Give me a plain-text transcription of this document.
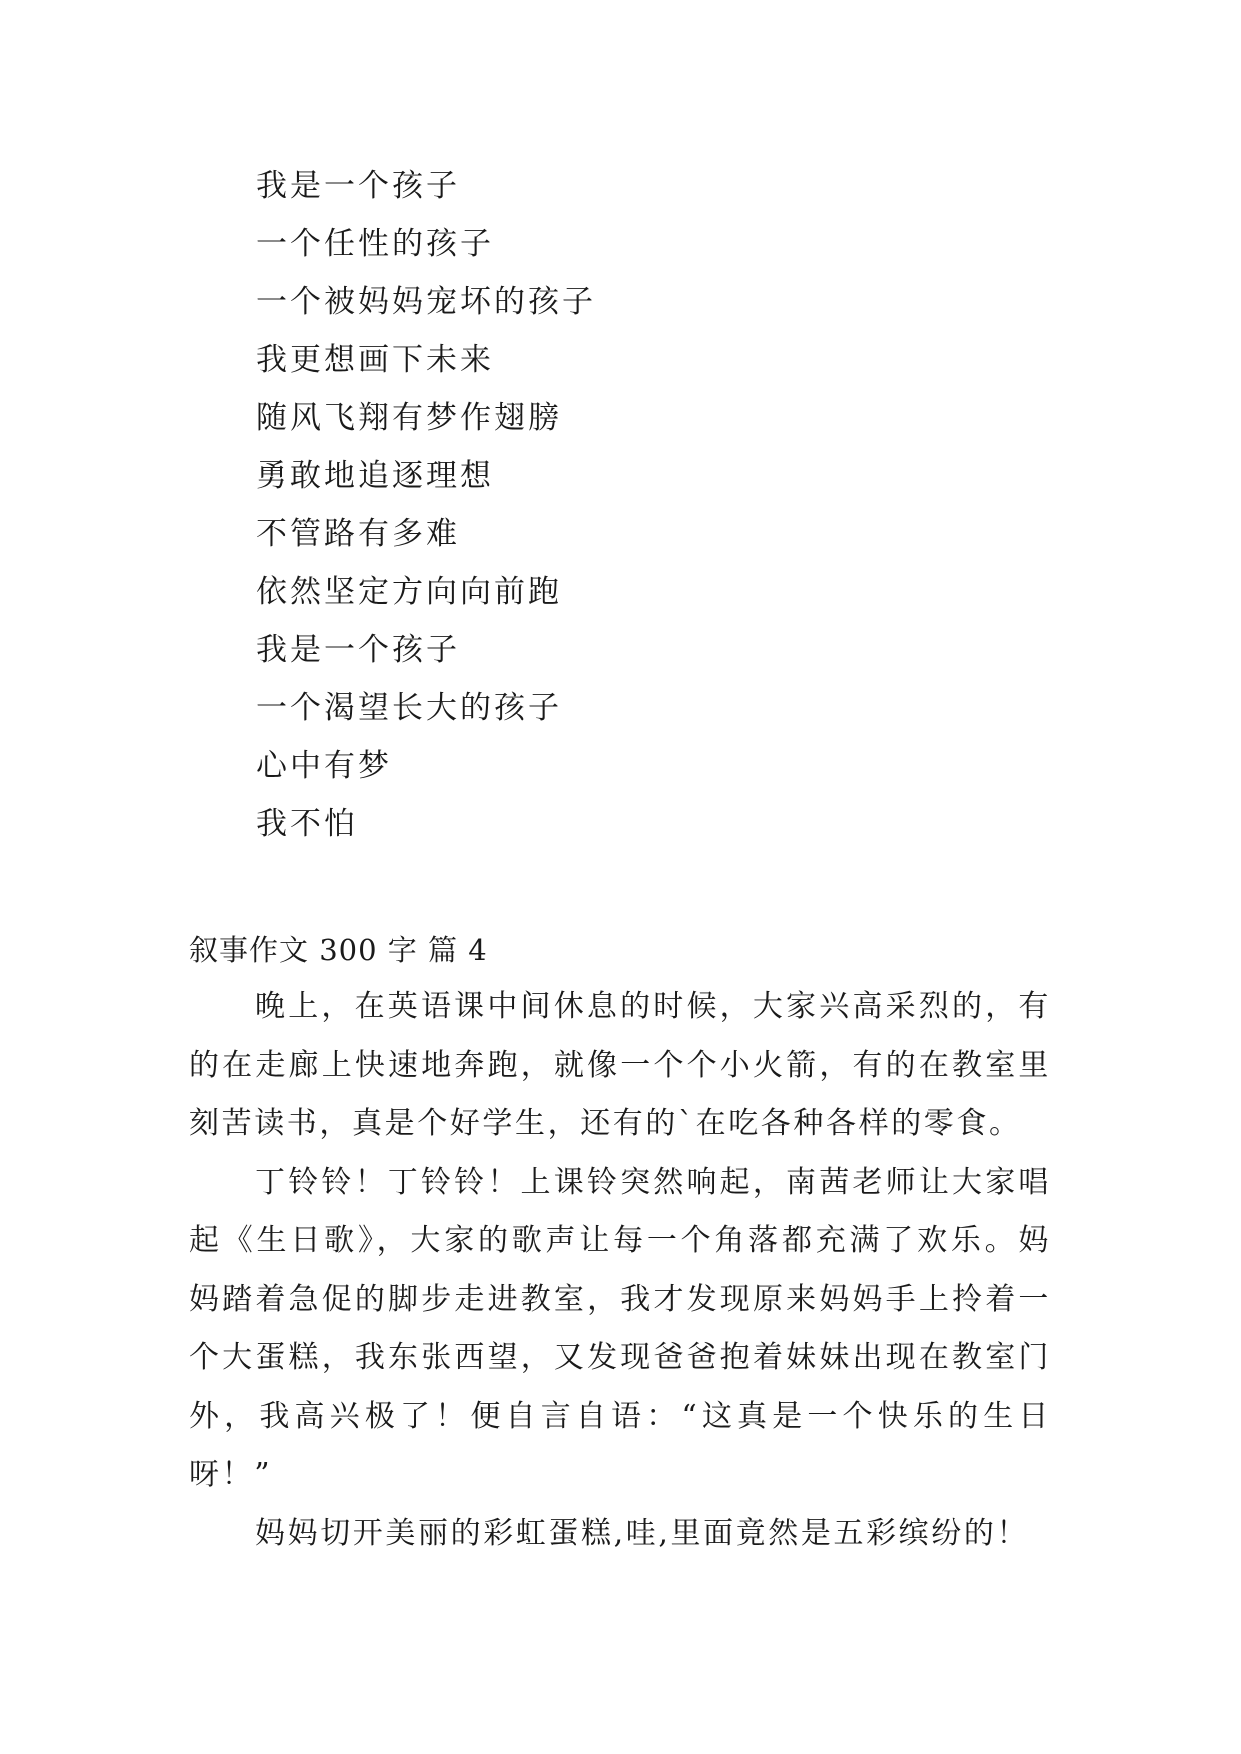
我是一个孩子
一个任性的孩子
一个被妈妈宠坏的孩子
我更想画下未来
随风飞翔有梦作翅膀
勇敢地追逐理想
不管路有多难
依然坚定方向向前跑
我是一个孩子
一个渴望长大的孩子
心中有梦
我不怕
叙事作文 300 字 篇 4

晚上，在英语课中间休息的时候，大家兴高采烈的，有的在走廊上快速地奔跑，就像一个个小火箭，有的在教室里刻苦读书，真是个好学生，还有的`在吃各种各样的零食。

丁铃铃！丁铃铃！上课铃突然响起，南茜老师让大家唱起《生日歌》，大家的歌声让每一个角落都充满了欢乐。妈妈踏着急促的脚步走进教室，我才发现原来妈妈手上拎着一个大蛋糕，我东张西望，又发现爸爸抱着妹妹出现在教室门外，我高兴极了！便自言自语：“这真是一个快乐的生日呀！”

妈妈切开美丽的彩虹蛋糕,哇,里面竟然是五彩缤纷的！
